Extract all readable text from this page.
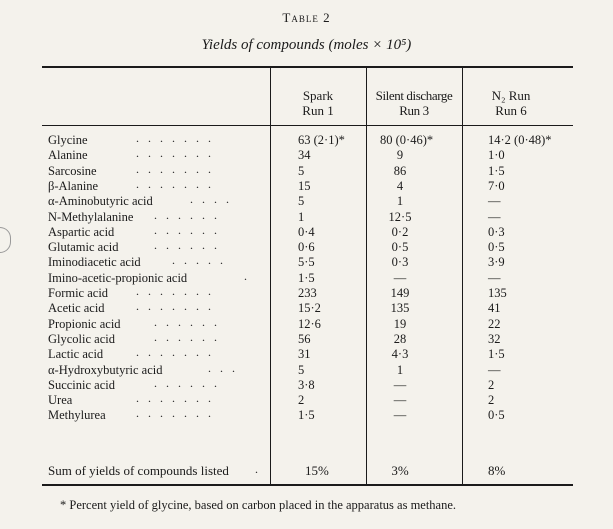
Table 2
Yields of compounds (moles × 10⁵)
Spark
Run 1
Silent discharge
Run 3
N₂ Run
Run 6
Glycine	.......	63 (2·1)*	80 (0·46)*	14·2 (0·48)*
Alanine	.......	34	9	1·0
Sarcosine	.......	5	86	1·5
β-Alanine	.......	15	4	7·0
α-Aminobutyric acid	....	5	1	—
N-Methylalanine ......	1	12·5	—
Aspartic acid	......	0·4	0·2	0·3
Glutamic acid	......	0·6	0·5	0·5
Iminodiacetic acid	.....	5·5	0·3	3·9
Imino-acetic-propionic acid	.	1·5	—	—
Formic acid .......	233	149	135
Acetic acid	.......	15·2	135	41
Propionic acid	......	12·6	19	22
Glycolic acid	......	56	28	32
Lactic acid	.......	31	4·3	1·5
α-Hydroxybutyric acid	...	5	1	—
Succinic acid	......	3·8	—	2
Urea	.......	2	—	2
Methylurea	.......	1·5	—	0·5
Sum of yields of compounds listed .	15%	3%	8%
* Percent yield of glycine, based on carbon placed in the apparatus as methane.
